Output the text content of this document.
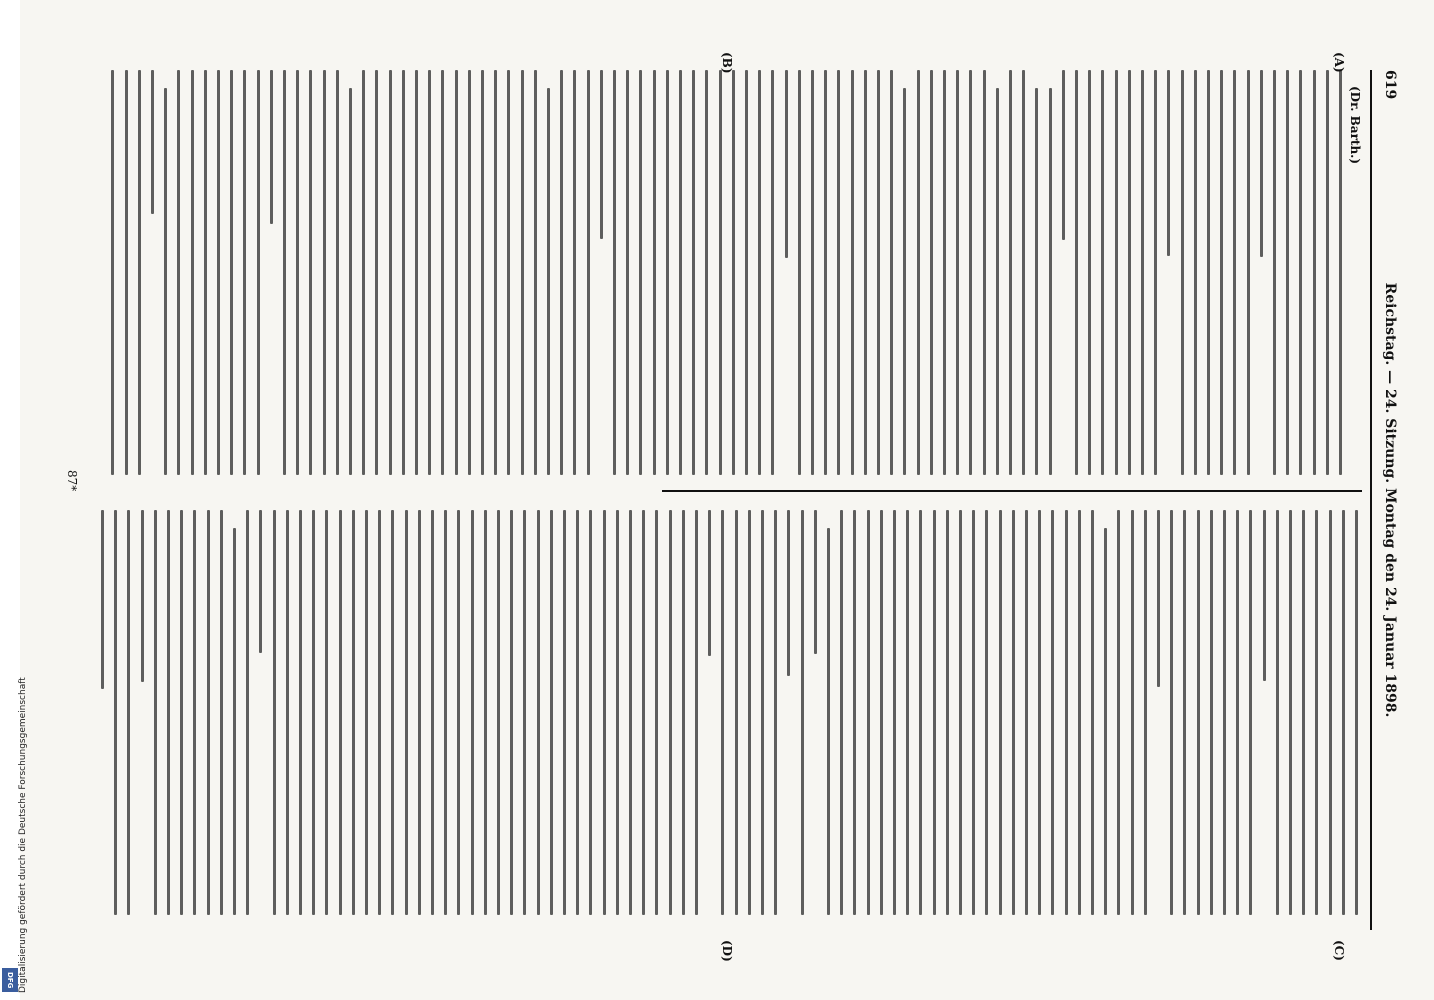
619
Reichstag. — 24. Sitzung. Montag den 24. Januar 1898.
(Dr. Barth.)
(A)
(B)
(C)
(D)
87*
Digitalisierung gefördert durch die Deutsche Forschungsgemeinschaft
DFG
